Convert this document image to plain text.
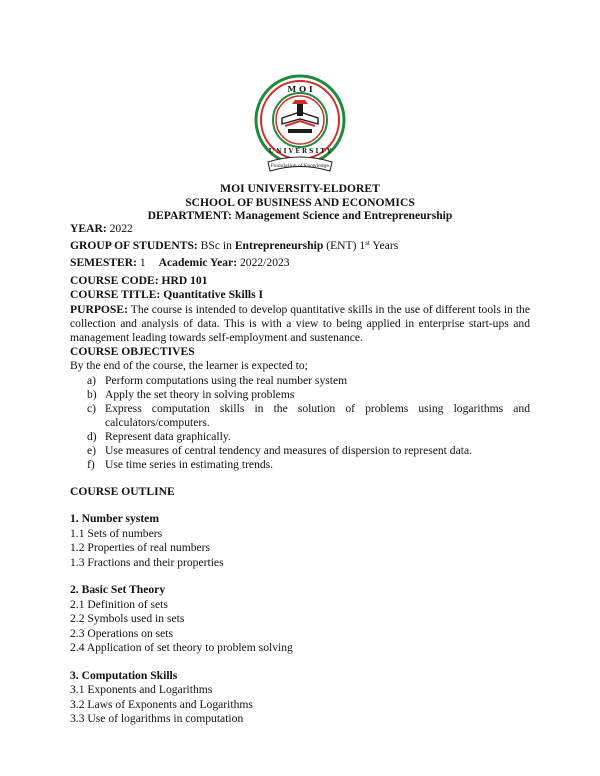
M O I
U N I V E R S I T Y
Foundation of Knowledge
MOI UNIVERSITY-ELDORET
SCHOOL OF BUSINESS AND ECONOMICS
DEPARTMENT: Management Science and Entrepreneurship
YEAR: 2022
GROUP OF STUDENTS: BSc in Entrepreneurship (ENT) 1st Years
SEMESTER: 1 Academic Year: 2022/2023
COURSE CODE: HRD 101
COURSE TITLE: Quantitative Skills I
PURPOSE: The course is intended to develop quantitative skills in the use of different tools in the collection and analysis of data. This is with a view to being applied in enterprise start-ups and management leading towards self-employment and sustenance.
COURSE OBJECTIVES
By the end of the course, the learner is expected to;
a) Perform computations using the real number system
b) Apply the set theory in solving problems
c) Express computation skills in the solution of problems using logarithms and calculators/computers.
d) Represent data graphically.
e) Use measures of central tendency and measures of dispersion to represent data.
f) Use time series in estimating trends.
COURSE OUTLINE
1. Number system
1.1 Sets of numbers
1.2 Properties of real numbers
1.3 Fractions and their properties
2. Basic Set Theory
2.1 Definition of sets
2.2 Symbols used in sets
2.3 Operations on sets
2.4 Application of set theory to problem solving
3. Computation Skills
3.1 Exponents and Logarithms
3.2 Laws of Exponents and Logarithms
3.3 Use of logarithms in computation
